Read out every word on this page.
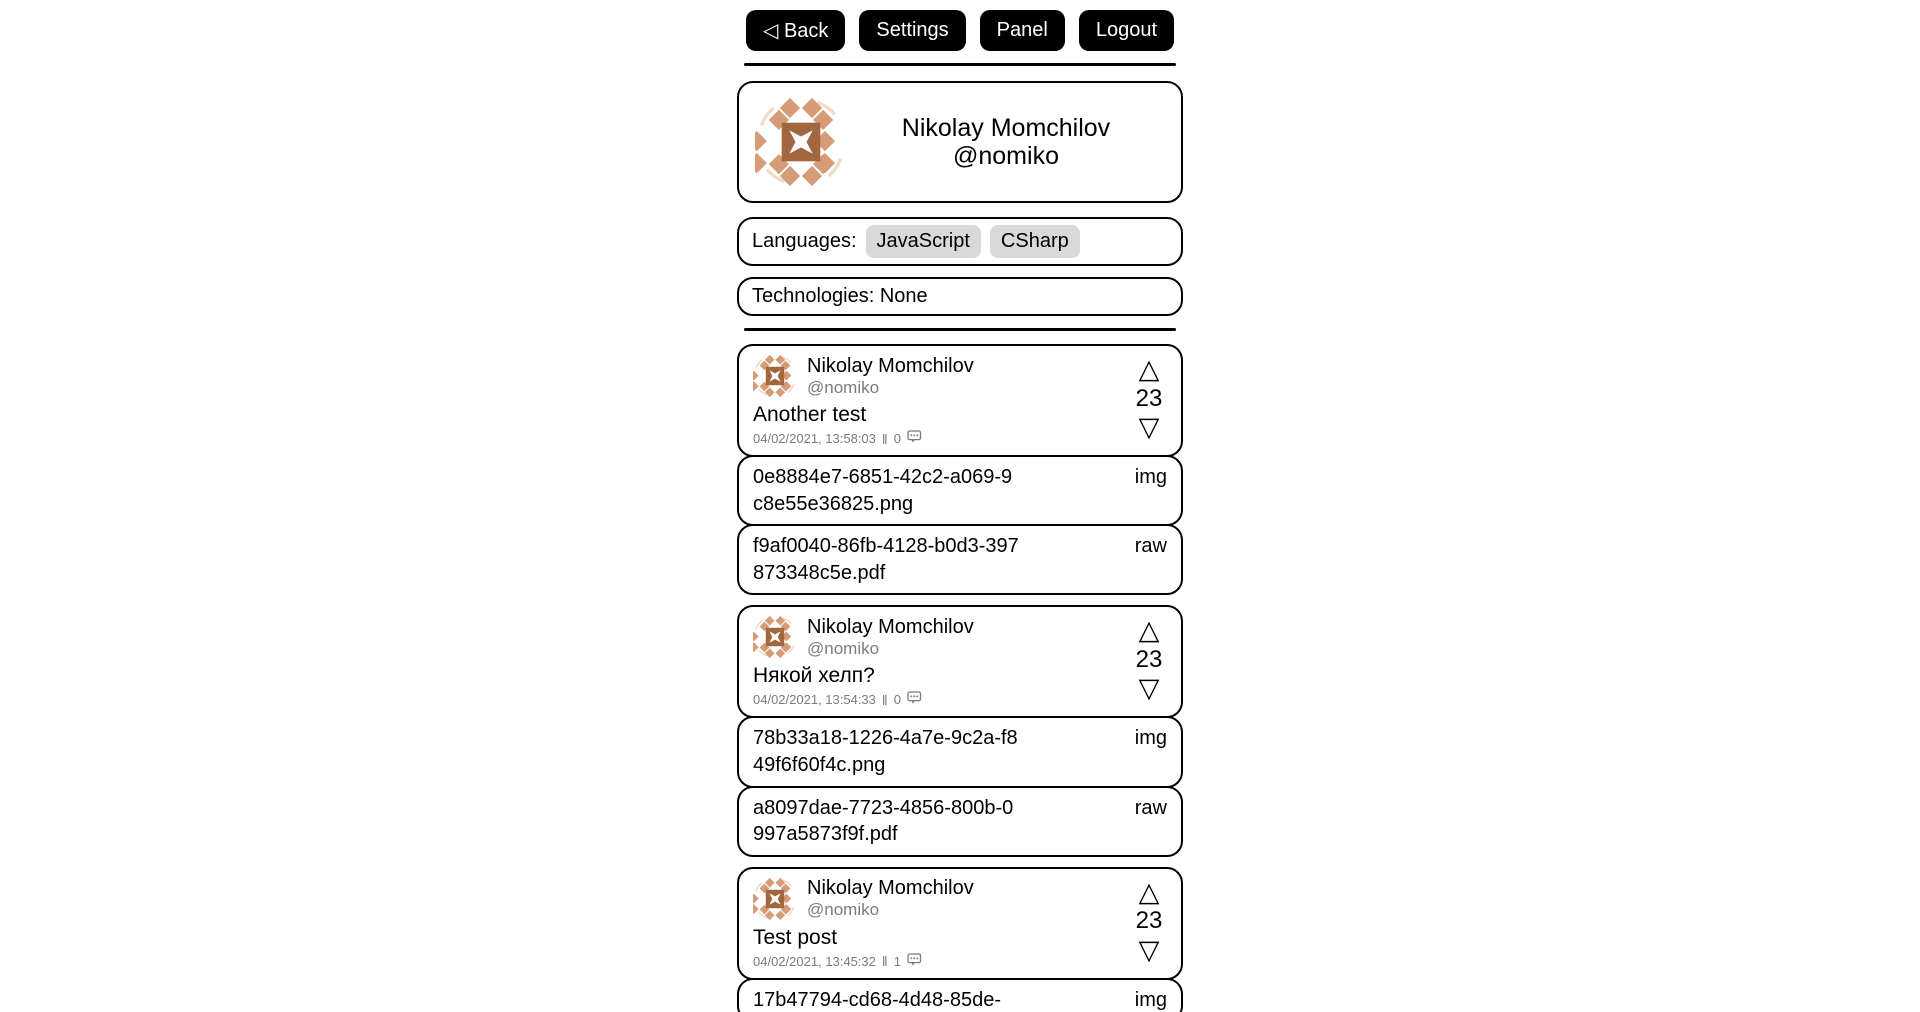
◁ Back	Settings	Panel	Logout
Nikolay Momchilov
@nomiko
Languages:	JavaScript	CSharp
Technologies: None
Nikolay Momchilov
@nomiko
Another test
04/02/2021, 13:58:03 ‖ 0
△
23
▽
0e8884e7-6851-42c2-a069-9c8e55e36825.png
img
f9af0040-86fb-4128-b0d3-397873348c5e.pdf
raw
Nikolay Momchilov
@nomiko
Някой хелп?
04/02/2021, 13:54:33 ‖ 0
△
23
▽
78b33a18-1226-4a7e-9c2a-f849f6f60f4c.png
img
a8097dae-7723-4856-800b-0997a5873f9f.pdf
raw
Nikolay Momchilov
@nomiko
Test post
04/02/2021, 13:45:32 ‖ 1
△
23
▽
17b47794-cd68-4d48-85de-	img
